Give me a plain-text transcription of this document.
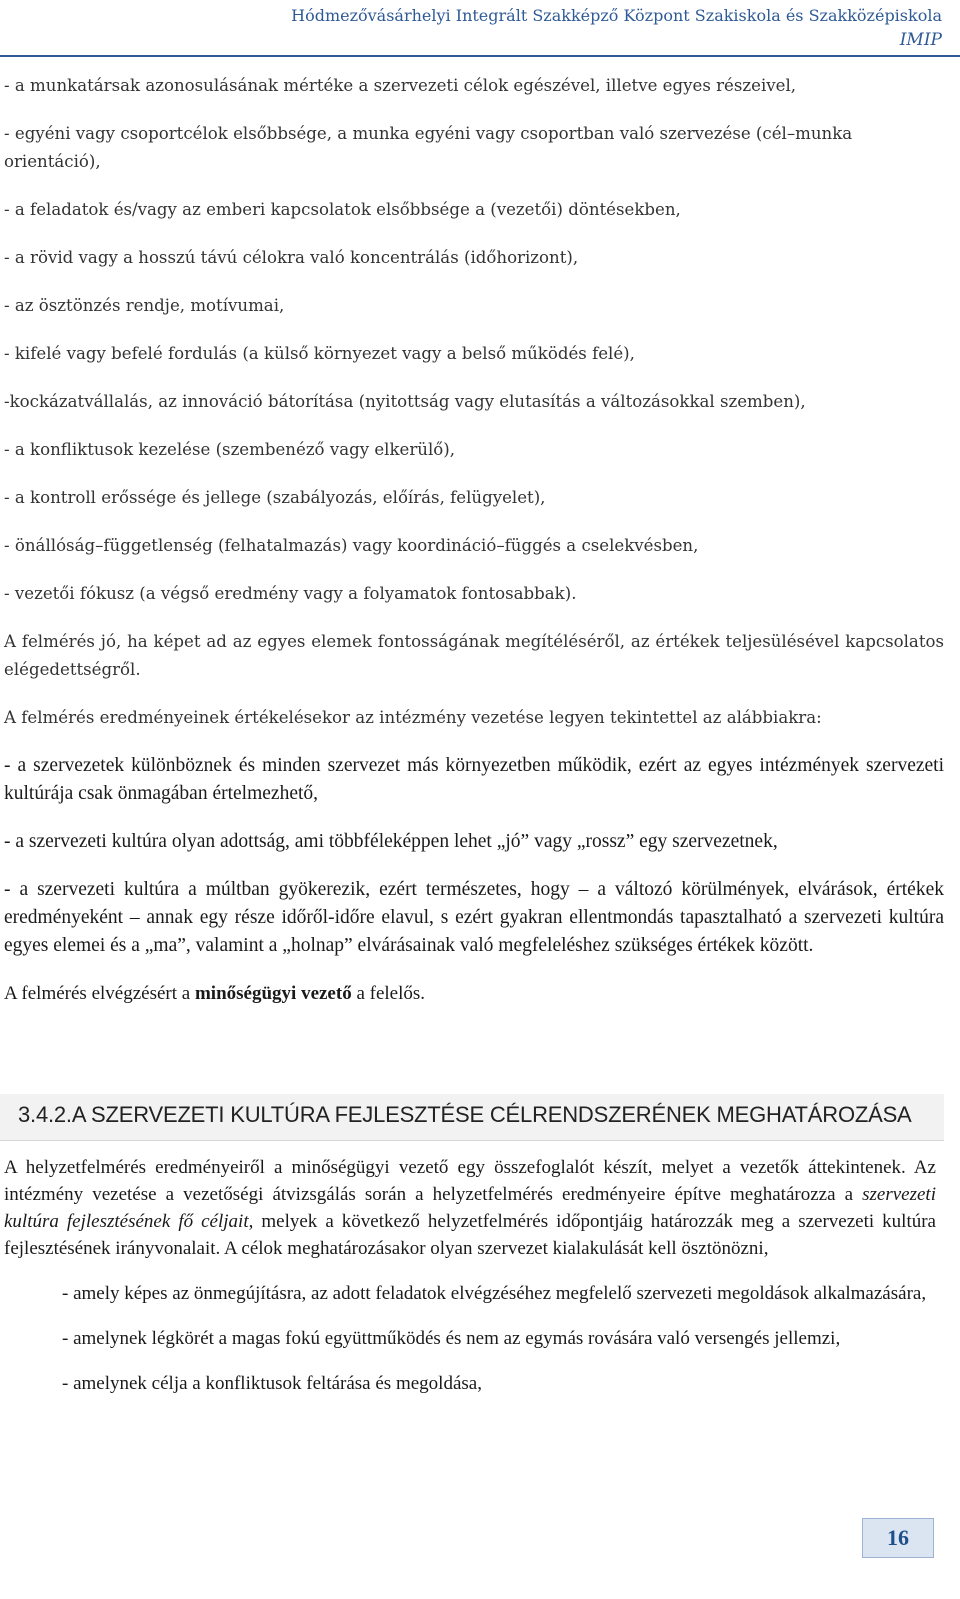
Hódmezővásárhelyi Integrált Szakképző Központ Szakiskola és Szakközépiskola
IMIP

- a munkatársak azonosulásának mértéke a szervezeti célok egészével, illetve egyes részeivel,

- egyéni vagy csoportcélok elsőbbsége, a munka egyéni vagy csoportban való szervezése (cél–munka orientáció),

- a feladatok és/vagy az emberi kapcsolatok elsőbbsége a (vezetői) döntésekben,

- a rövid vagy a hosszú távú célokra való koncentrálás (időhorizont),

- az ösztönzés rendje, motívumai,

- kifelé vagy befelé fordulás (a külső környezet vagy a belső működés felé),

-kockázatvállalás, az innováció bátorítása (nyitottság vagy elutasítás a változásokkal szemben),

- a konfliktusok kezelése (szembenéző vagy elkerülő),

- a kontroll erőssége és jellege (szabályozás, előírás, felügyelet),

- önállóság–függetlenség (felhatalmazás) vagy koordináció–függés a cselekvésben,

- vezetői fókusz (a végső eredmény vagy a folyamatok fontosabbak).

A felmérés jó, ha képet ad az egyes elemek fontosságának megítéléséről, az értékek teljesülésével kapcsolatos elégedettségről.

A felmérés eredményeinek értékelésekor az intézmény vezetése legyen tekintettel az alábbiakra:

- a szervezetek különböznek és minden szervezet más környezetben működik, ezért az egyes intézmények szervezeti kultúrája csak önmagában értelmezhető,

- a szervezeti kultúra olyan adottság, ami többféleképpen lehet „jó” vagy „rossz” egy szervezetnek,

- a szervezeti kultúra a múltban gyökerezik, ezért természetes, hogy – a változó körülmények, elvárások, értékek eredményeként – annak egy része időről-időre elavul, s ezért gyakran ellentmondás tapasztalható a szervezeti kultúra egyes elemei és a „ma”, valamint a „holnap” elvárásainak való megfeleléshez szükséges értékek között.

A felmérés elvégzésért a minőségügyi vezető a felelős.

3.4.2.A SZERVEZETI KULTÚRA FEJLESZTÉSE CÉLRENDSZERÉNEK MEGHATÁROZÁSA

A helyzetfelmérés eredményeiről a minőségügyi vezető egy összefoglalót készít, melyet a vezetők áttekintenek. Az intézmény vezetése a vezetőségi átvizsgálás során a helyzetfelmérés eredményeire építve meghatározza a szervezeti kultúra fejlesztésének fő céljait, melyek a következő helyzetfelmérés időpontjáig határozzák meg a szervezeti kultúra fejlesztésének irányvonalait. A célok meghatározásakor olyan szervezet kialakulását kell ösztönözni,

- amely képes az önmegújításra, az adott feladatok elvégzéséhez megfelelő szervezeti megoldások alkalmazására,

- amelynek légkörét a magas fokú együttműködés és nem az egymás rovására való versengés jellemzi,

- amelynek célja a konfliktusok feltárása és megoldása,

16
